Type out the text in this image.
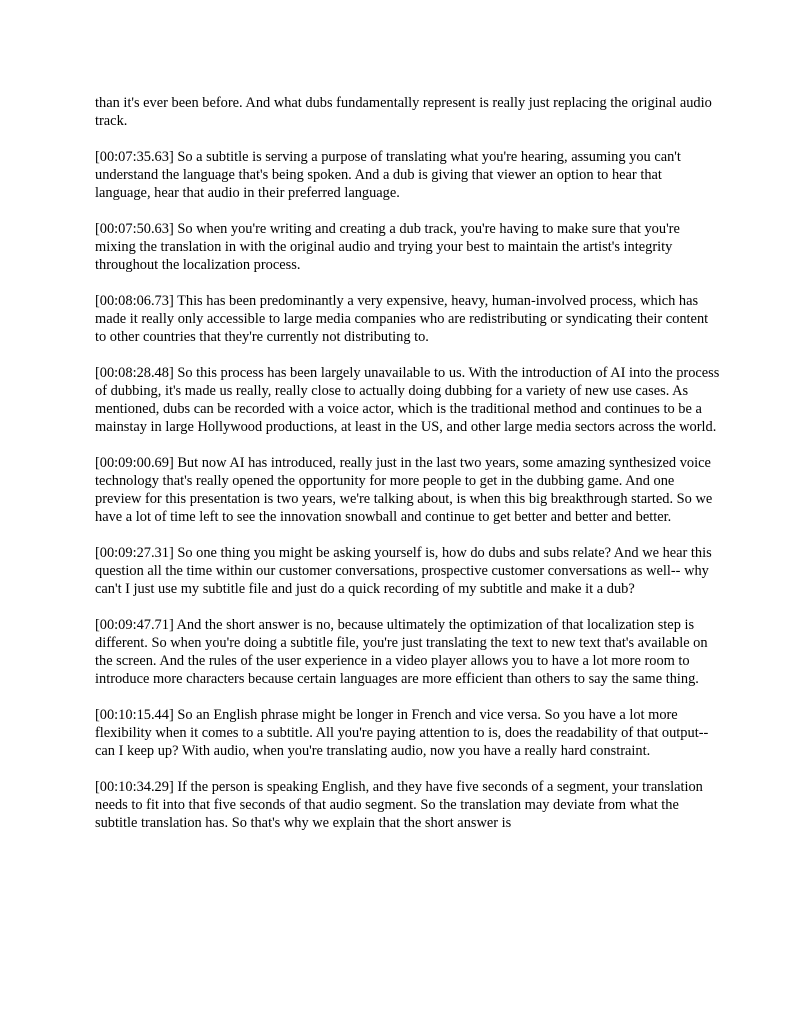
than it's ever been before. And what dubs fundamentally represent is really just replacing the original audio track.

[00:07:35.63] So a subtitle is serving a purpose of translating what you're hearing, assuming you can't understand the language that's being spoken. And a dub is giving that viewer an option to hear that language, hear that audio in their preferred language.

[00:07:50.63] So when you're writing and creating a dub track, you're having to make sure that you're mixing the translation in with the original audio and trying your best to maintain the artist's integrity throughout the localization process.

[00:08:06.73] This has been predominantly a very expensive, heavy, human-involved process, which has made it really only accessible to large media companies who are redistributing or syndicating their content to other countries that they're currently not distributing to.

[00:08:28.48] So this process has been largely unavailable to us. With the introduction of AI into the process of dubbing, it's made us really, really close to actually doing dubbing for a variety of new use cases. As mentioned, dubs can be recorded with a voice actor, which is the traditional method and continues to be a mainstay in large Hollywood productions, at least in the US, and other large media sectors across the world.

[00:09:00.69] But now AI has introduced, really just in the last two years, some amazing synthesized voice technology that's really opened the opportunity for more people to get in the dubbing game. And one preview for this presentation is two years, we're talking about, is when this big breakthrough started. So we have a lot of time left to see the innovation snowball and continue to get better and better and better.

[00:09:27.31] So one thing you might be asking yourself is, how do dubs and subs relate? And we hear this question all the time within our customer conversations, prospective customer conversations as well-- why can't I just use my subtitle file and just do a quick recording of my subtitle and make it a dub?

[00:09:47.71] And the short answer is no, because ultimately the optimization of that localization step is different. So when you're doing a subtitle file, you're just translating the text to new text that's available on the screen. And the rules of the user experience in a video player allows you to have a lot more room to introduce more characters because certain languages are more efficient than others to say the same thing.

[00:10:15.44] So an English phrase might be longer in French and vice versa. So you have a lot more flexibility when it comes to a subtitle. All you're paying attention to is, does the readability of that output-- can I keep up? With audio, when you're translating audio, now you have a really hard constraint.

[00:10:34.29] If the person is speaking English, and they have five seconds of a segment, your translation needs to fit into that five seconds of that audio segment. So the translation may deviate from what the subtitle translation has. So that's why we explain that the short answer is
